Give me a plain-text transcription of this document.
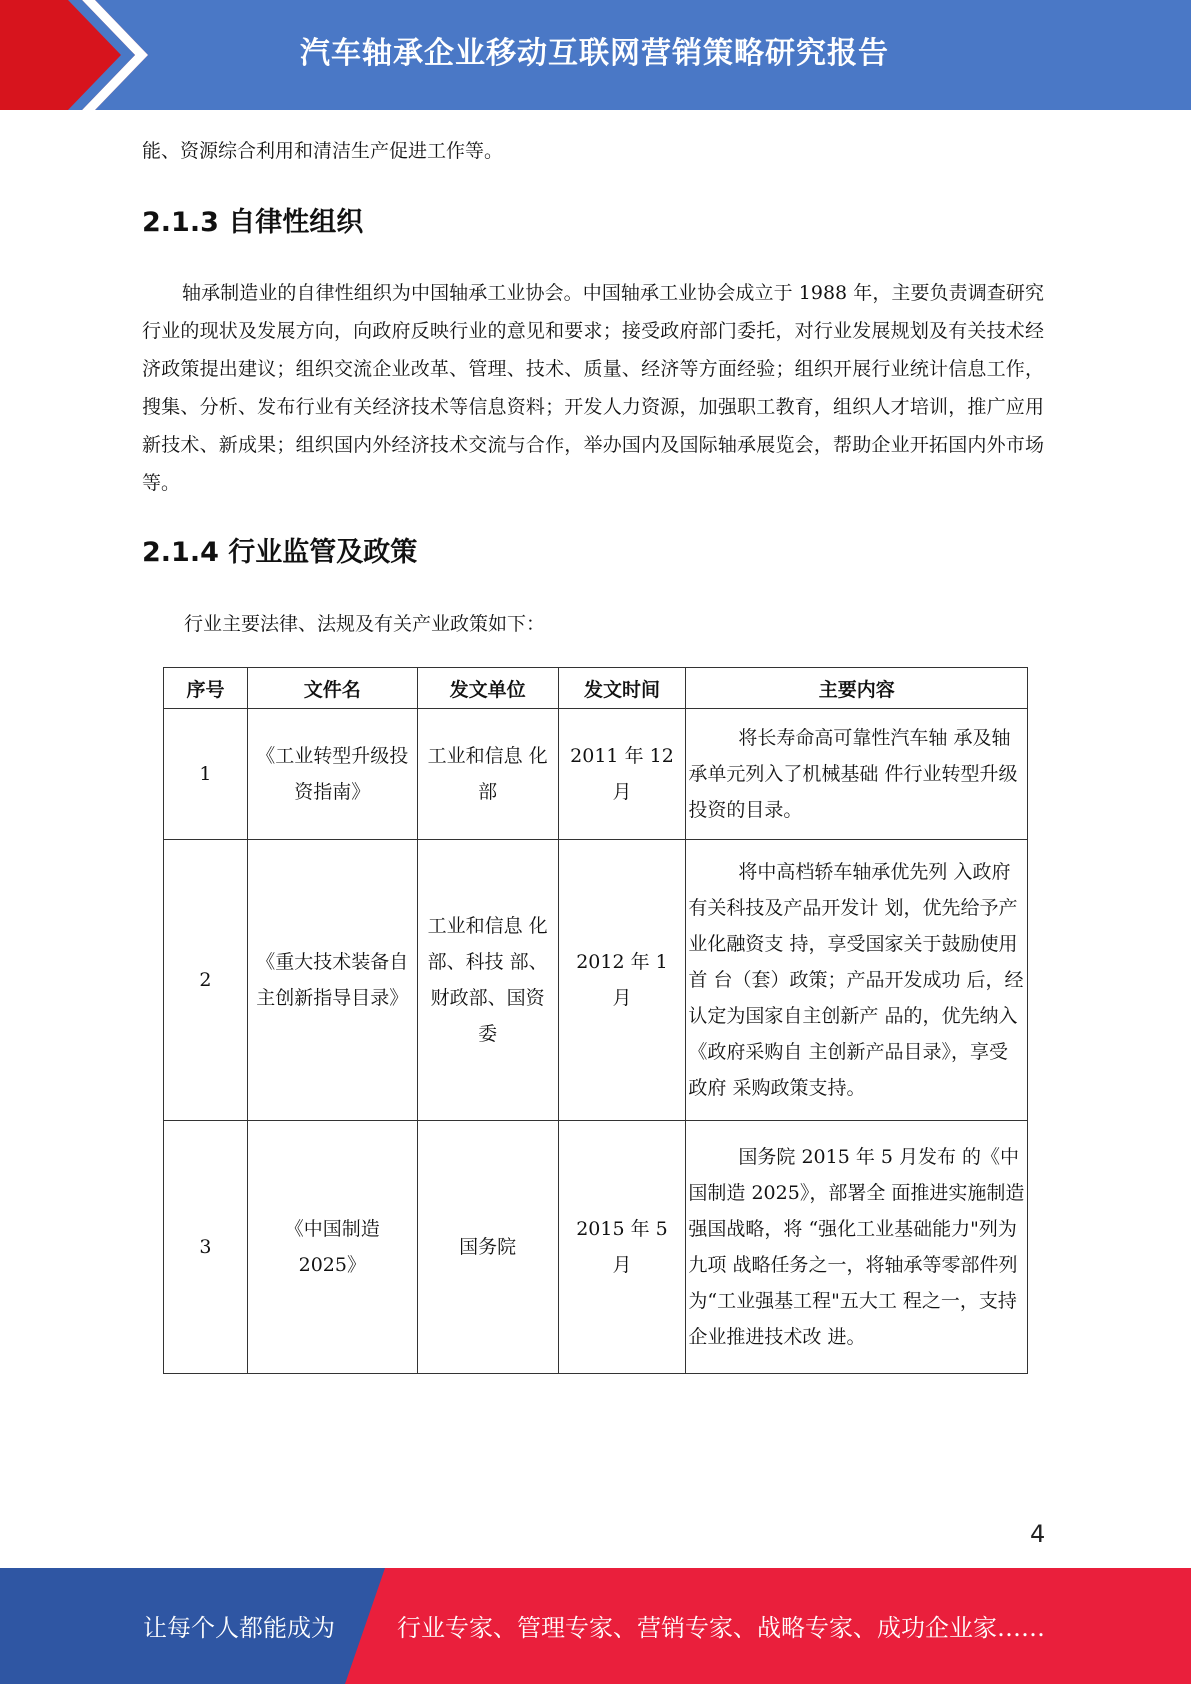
汽车轴承企业移动互联网营销策略研究报告
能、资源综合利用和清洁生产促进工作等。
2.1.3 自律性组织
轴承制造业的自律性组织为中国轴承工业协会。中国轴承工业协会成立于 1988 年，主要负责调查研究行业的现状及发展方向，向政府反映行业的意见和要求；接受政府部门委托，对行业发展规划及有关技术经济政策提出建议；组织交流企业改革、管理、技术、质量、经济等方面经验；组织开展行业统计信息工作，搜集、分析、发布行业有关经济技术等信息资料；开发人力资源，加强职工教育，组织人才培训，推广应用新技术、新成果；组织国内外经济技术交流与合作，举办国内及国际轴承展览会，帮助企业开拓国内外市场等。
2.1.4 行业监管及政策
行业主要法律、法规及有关产业政策如下：
序号	文件名	发文单位	发文时间	主要内容
1	《工业转型升级投资指南》	工业和信息 化部	2011 年 12 月	将长寿命高可靠性汽车轴 承及轴承单元列入了机械基础 件行业转型升级投资的目录。
2	《重大技术装备自主创新指导目录》	工业和信息 化部、科技 部、财政部、国资委	2012 年 1 月	将中高档轿车轴承优先列 入政府有关科技及产品开发计 划，优先给予产业化融资支 持，享受国家关于鼓励使用首 台（套）政策；产品开发成功 后，经认定为国家自主创新产 品的，优先纳入《政府采购自 主创新产品目录》，享受政府 采购政策支持。
3	《中国制造 2025》	国务院	2015 年 5 月	国务院 2015 年 5 月发布 的《中国制造 2025》，部署全 面推进实施制造强国战略，将 “强化工业基础能力"列为九项 战略任务之一，将轴承等零部件列为“工业强基工程"五大工 程之一，支持企业推进技术改 进。
4
让每个人都能成为	行业专家、管理专家、营销专家、战略专家、成功企业家……
